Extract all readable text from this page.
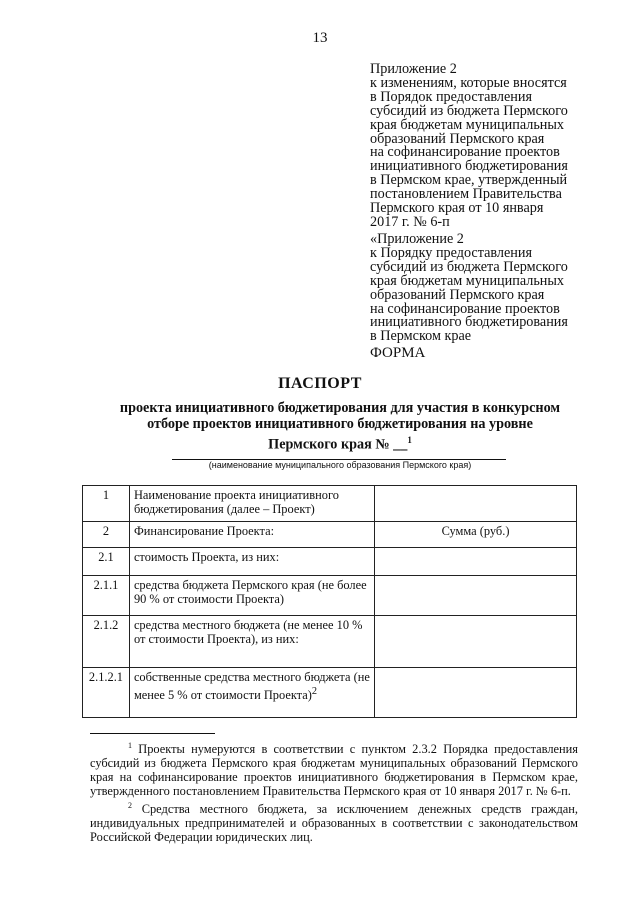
13
Приложение 2
к изменениям, которые вносятся
в Порядок предоставления
субсидий из бюджета Пермского
края бюджетам муниципальных
образований Пермского края
на софинансирование проектов
инициативного бюджетирования
в Пермском крае, утвержденный
постановлением Правительства
Пермского края от 10 января
2017 г. № 6-п
«Приложение 2
к Порядку предоставления
субсидий из бюджета Пермского
края бюджетам муниципальных
образований Пермского края
на софинансирование проектов
инициативного бюджетирования
в Пермском крае
ФОРМА
ПАСПОРТ
проекта инициативного бюджетирования для участия в конкурсном
отборе проектов инициативного бюджетирования на уровне
Пермского края № __$^1$
(наименование муниципального образования Пермского края)
1	Наименование проекта инициативного бюджетирования (далее – Проект)	
2	Финансирование Проекта:	Сумма (руб.)
2.1	стоимость Проекта, из них:	
2.1.1	средства бюджета Пермского края (не более 90 % от стоимости Проекта)	
2.1.2	средства местного бюджета (не менее 10 % от стоимости Проекта), из них:	
2.1.2.1	собственные средства местного бюджета (не менее 5 % от стоимости Проекта)$^2$	

$^1$ Проекты нумеруются в соответствии с пунктом 2.3.2 Порядка предоставления субсидий из бюджета Пермского края бюджетам муниципальных образований Пермского края на софинансирование проектов инициативного бюджетирования в Пермском крае, утвержденного постановлением Правительства Пермского края от 10 января 2017 г. № 6-п.

$^2$ Средства местного бюджета, за исключением денежных средств граждан, индивидуальных предпринимателей и образованных в соответствии с законодательством Российской Федерации юридических лиц.
